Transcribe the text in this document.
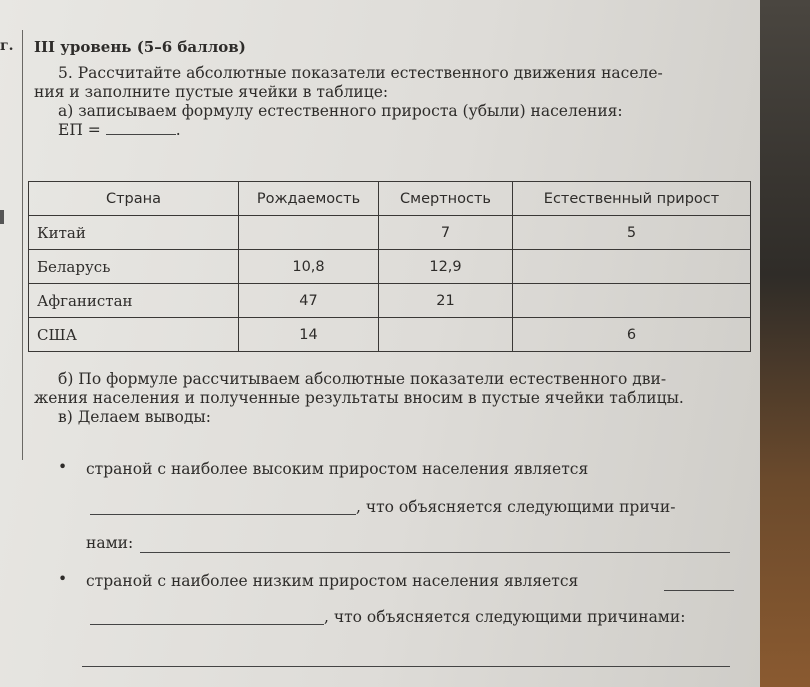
г. III уровень (5–6 баллов)

5. Рассчитайте абсолютные показатели естественного движения населе-

ния и заполните пустые ячейки в таблице:

а) записываем формулу естественного прироста (убыли) населения:

ЕП =	.

Страна	Рождаемость	Смертность	Естественный прирост
Китай		7	5
Беларусь	10,8	12,9	
Афганистан	47	21	
США	14		6

б) По формуле рассчитываем абсолютные показатели естественного дви-

жения населения и полученные результаты вносим в пустые ячейки таблицы.

в) Делаем выводы:

• страной с наиболее высоким приростом населения является
, что объясняется следующими причи-
нами:
• страной с наиболее низким приростом населения является
, что объясняется следующими причинами:
